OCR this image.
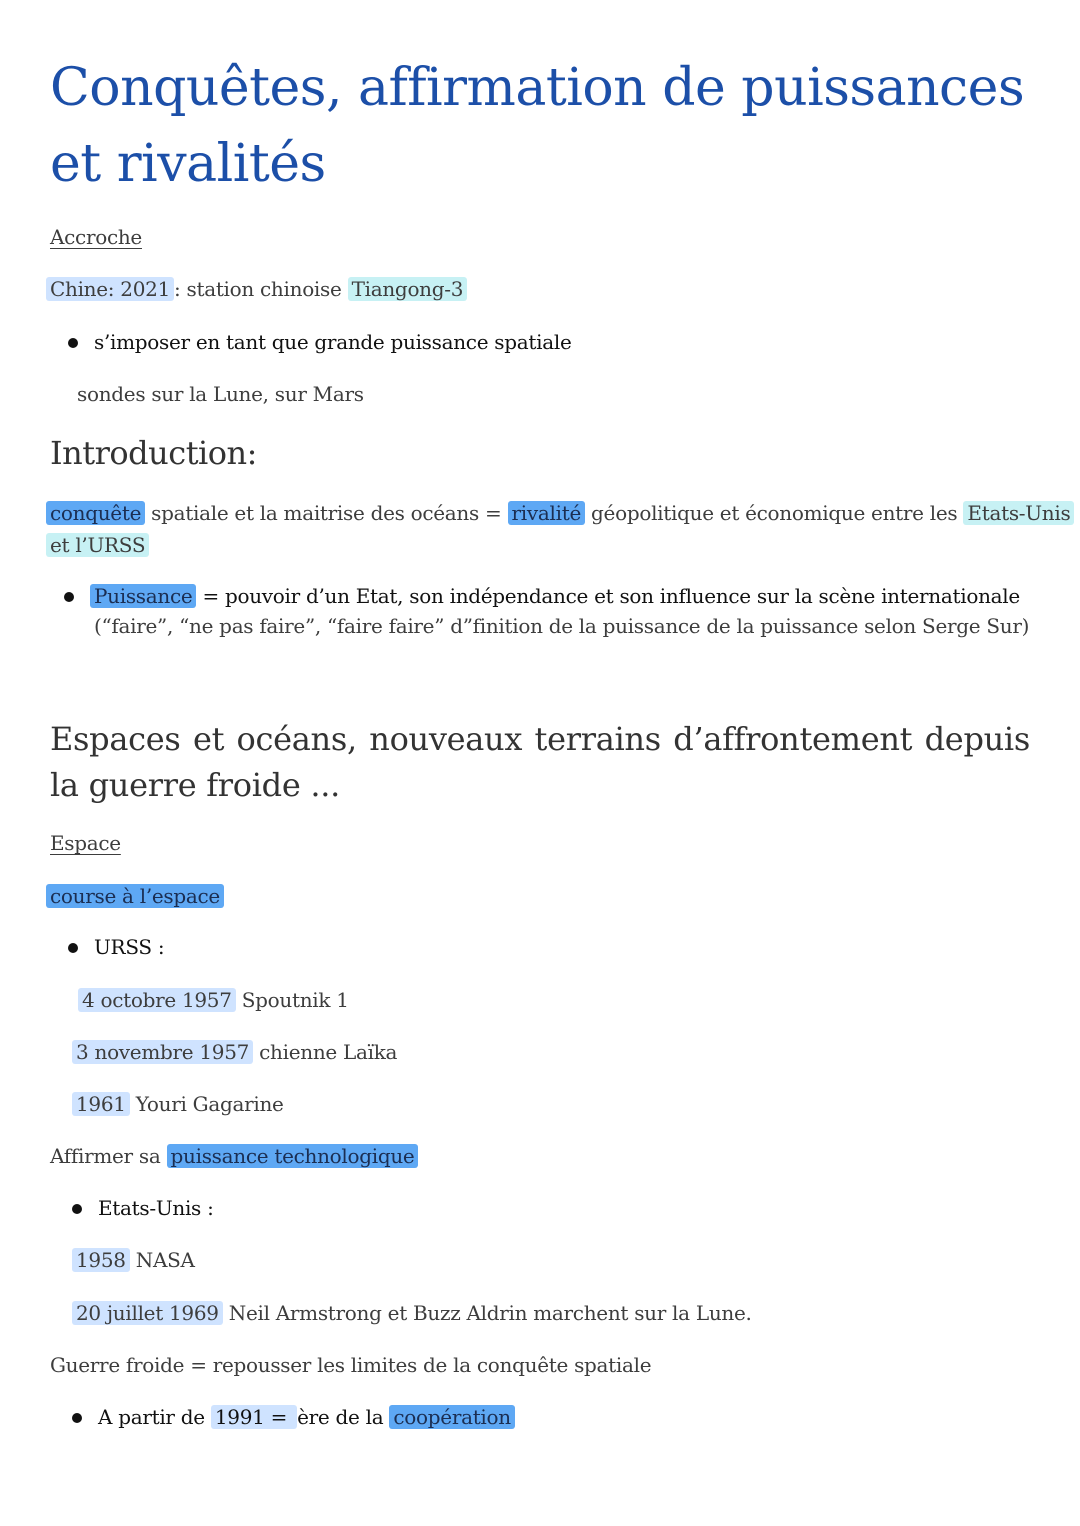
Conquêtes, affirmation de puissances et rivalités
Accroche
Chine: 2021 : station chinoise Tiangong-3
s’imposer en tant que grande puissance spatiale
sondes sur la Lune, sur Mars
Introduction:
conquête spatiale et la maitrise des océans = rivalité géopolitique et économique entre les Etats-Unis
et l’URSS
Puissance = pouvoir d’un Etat, son indépendance et son influence sur la scène internationale
(“faire”, “ne pas faire”, “faire faire” d”finition de la puissance de la puissance selon Serge Sur)
Espaces et océans, nouveaux terrains d’affrontement depuis la guerre froide ...
Espace
course à l’espace
URSS :
4 octobre 1957 Spoutnik 1
3 novembre 1957 chienne Laïka
1961 Youri Gagarine
Affirmer sa puissance technologique
Etats-Unis :
1958 NASA
20 juillet 1969 Neil Armstrong et Buzz Aldrin marchent sur la Lune.
Guerre froide = repousser les limites de la conquête spatiale
A partir de 1991 = ère de la coopération
